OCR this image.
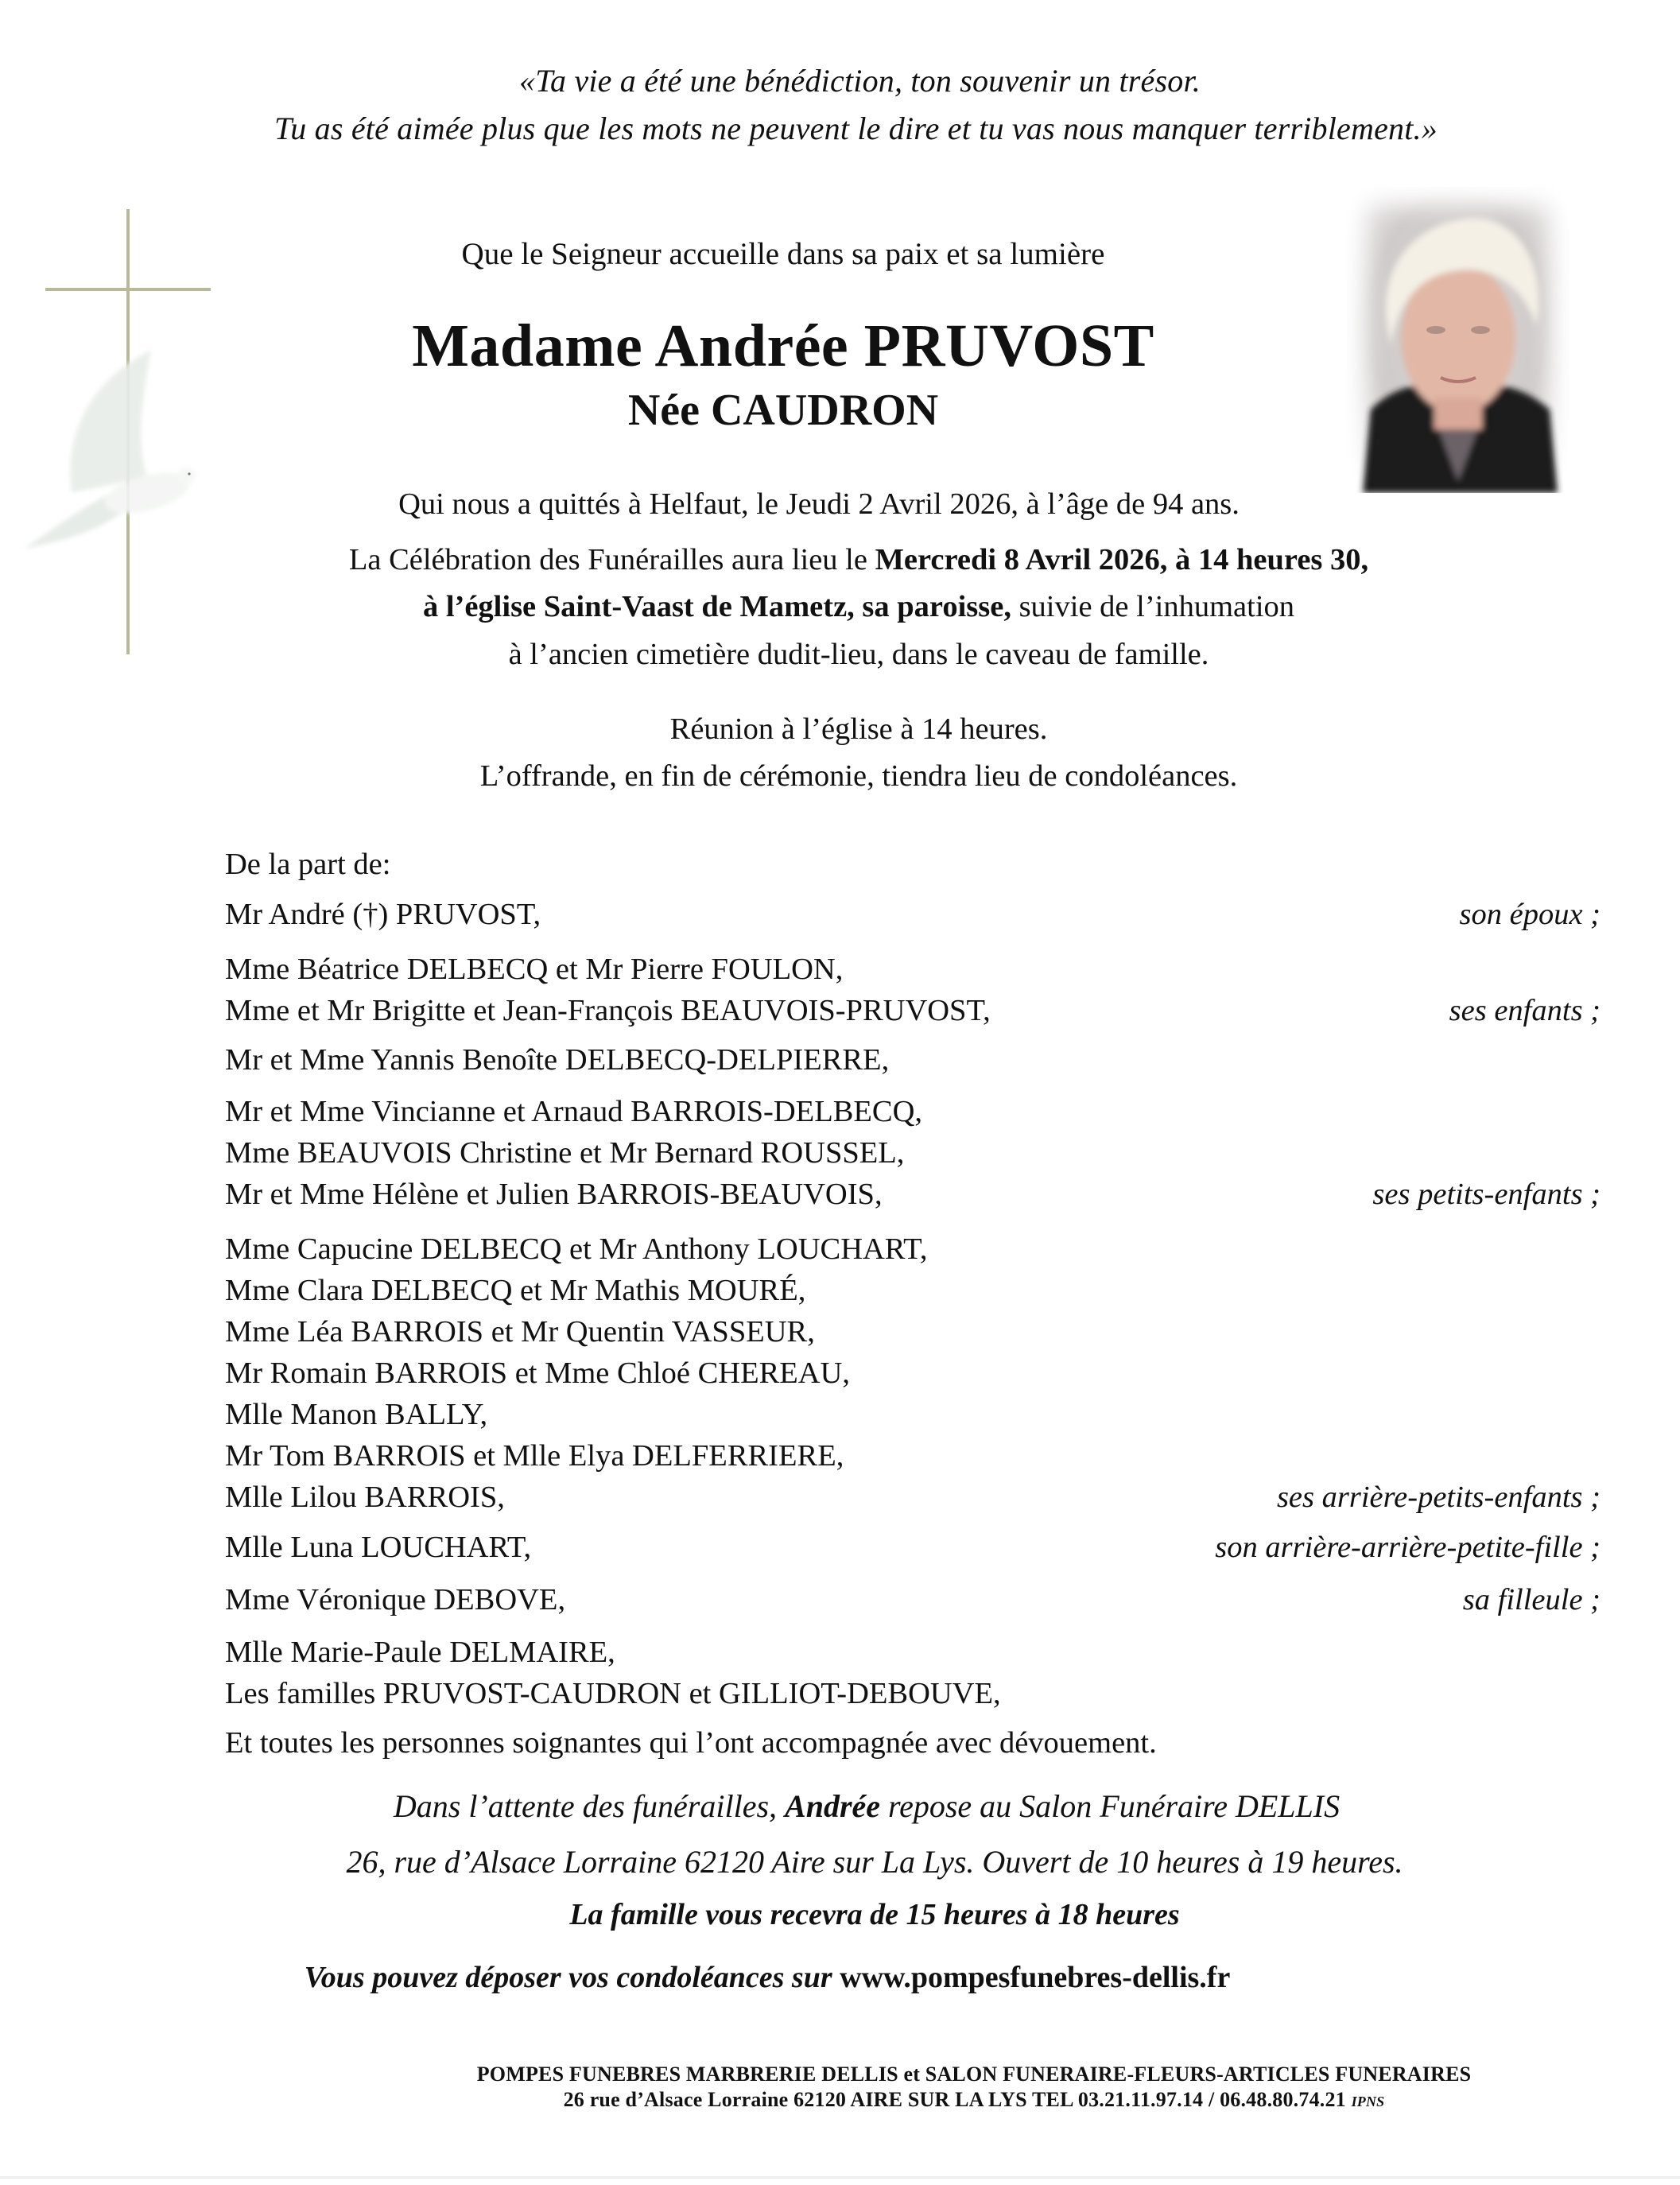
«Ta vie a été une bénédiction, ton souvenir un trésor.
Tu as été aimée plus que les mots ne peuvent le dire et tu vas nous manquer terriblement.»
Que le Seigneur accueille dans sa paix et sa lumière
Madame Andrée PRUVOST
Née CAUDRON
Qui nous a quittés à Helfaut, le Jeudi 2 Avril 2026, à l’âge de 94 ans.
La Célébration des Funérailles aura lieu le Mercredi 8 Avril 2026, à 14 heures 30,
à l’église Saint-Vaast de Mametz, sa paroisse, suivie de l’inhumation
à l’ancien cimetière dudit-lieu, dans le caveau de famille.
Réunion à l’église à 14 heures.
L’offrande, en fin de cérémonie, tiendra lieu de condoléances.
De la part de:
Mr André (†) PRUVOST,	son époux ;
Mme Béatrice DELBECQ et Mr Pierre FOULON,
Mme et Mr Brigitte et Jean-François BEAUVOIS-PRUVOST,	ses enfants ;
Mr et Mme Yannis Benoîte DELBECQ-DELPIERRE,
Mr et Mme Vincianne et Arnaud BARROIS-DELBECQ,
Mme BEAUVOIS Christine et Mr Bernard ROUSSEL,
Mr et Mme Hélène et Julien BARROIS-BEAUVOIS,	ses petits-enfants ;
Mme Capucine DELBECQ et Mr Anthony LOUCHART,
Mme Clara DELBECQ et Mr Mathis MOURÉ,
Mme Léa BARROIS et Mr Quentin VASSEUR,
Mr Romain BARROIS et Mme Chloé CHEREAU,
Mlle Manon BALLY,
Mr Tom BARROIS et Mlle Elya DELFERRIERE,
Mlle Lilou BARROIS,	ses arrière-petits-enfants ;
Mlle Luna LOUCHART,	son arrière-arrière-petite-fille ;
Mme Véronique DEBOVE,	sa filleule ;
Mlle Marie-Paule DELMAIRE,
Les familles PRUVOST-CAUDRON et GILLIOT-DEBOUVE,
Et toutes les personnes soignantes qui l’ont accompagnée avec dévouement.
Dans l’attente des funérailles, Andrée repose au Salon Funéraire DELLIS
26, rue d’Alsace Lorraine 62120 Aire sur La Lys. Ouvert de 10 heures à 19 heures.
La famille vous recevra de 15 heures à 18 heures
Vous pouvez déposer vos condoléances sur www.pompesfunebres-dellis.fr
POMPES FUNEBRES MARBRERIE DELLIS et SALON FUNERAIRE-FLEURS-ARTICLES FUNERAIRES
26 rue d’Alsace Lorraine 62120 AIRE SUR LA LYS TEL 03.21.11.97.14 / 06.48.80.74.21 IPNS
